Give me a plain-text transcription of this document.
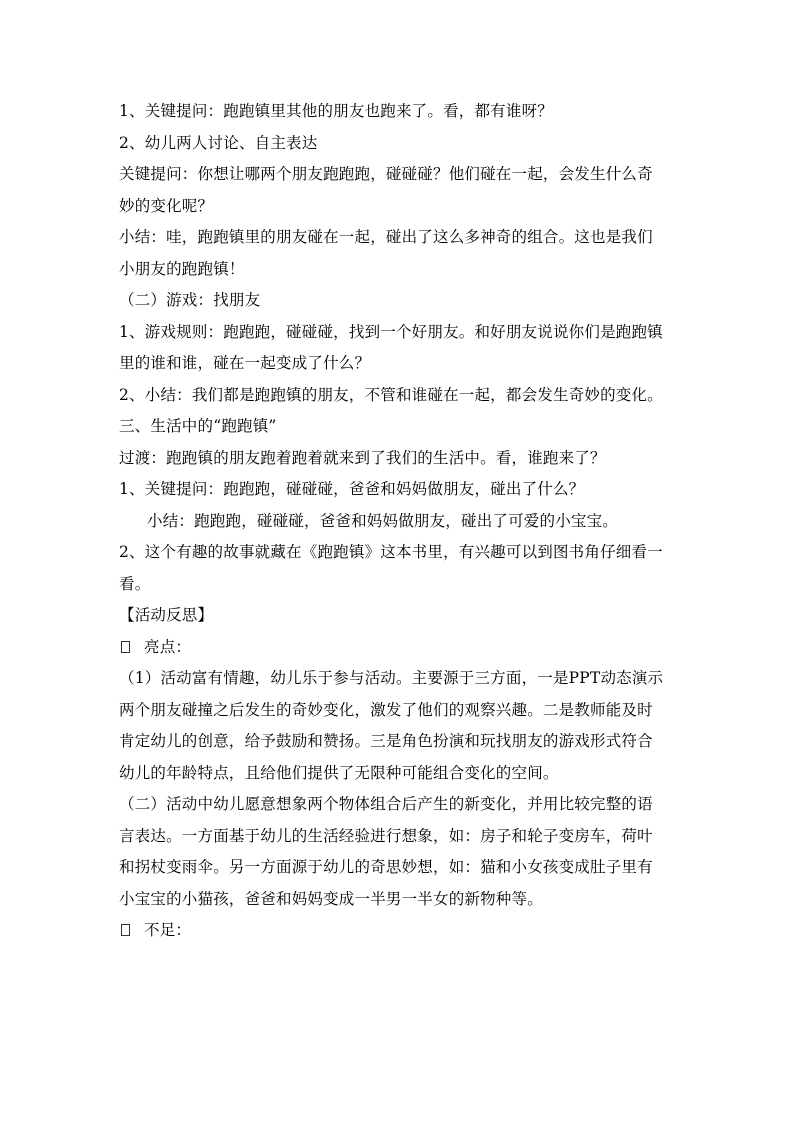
1、关键提问：跑跑镇里其他的朋友也跑来了。看，都有谁呀？
2、幼儿两人讨论、自主表达
关键提问：你想让哪两个朋友跑跑跑，碰碰碰？他们碰在一起，会发生什么奇
妙的变化呢？
小结：哇，跑跑镇里的朋友碰在一起，碰出了这么多神奇的组合。这也是我们
小朋友的跑跑镇！
（二）游戏：找朋友
1、游戏规则：跑跑跑，碰碰碰，找到一个好朋友。和好朋友说说你们是跑跑镇
里的谁和谁，碰在一起变成了什么？
2、小结：我们都是跑跑镇的朋友，不管和谁碰在一起，都会发生奇妙的变化。
三、生活中的“跑跑镇”
过渡：跑跑镇的朋友跑着跑着就来到了我们的生活中。看，谁跑来了？
1、关键提问：跑跑跑，碰碰碰，爸爸和妈妈做朋友，碰出了什么？
小结：跑跑跑，碰碰碰，爸爸和妈妈做朋友，碰出了可爱的小宝宝。
2、这个有趣的故事就藏在《跑跑镇》这本书里，有兴趣可以到图书角仔细看一
看。
【活动反思】
亮点：
（1）活动富有情趣，幼儿乐于参与活动。主要源于三方面，一是PPT动态演示
两个朋友碰撞之后发生的奇妙变化，激发了他们的观察兴趣。二是教师能及时
肯定幼儿的创意，给予鼓励和赞扬。三是角色扮演和玩找朋友的游戏形式符合
幼儿的年龄特点，且给他们提供了无限种可能组合变化的空间。
（二）活动中幼儿愿意想象两个物体组合后产生的新变化，并用比较完整的语
言表达。一方面基于幼儿的生活经验进行想象，如：房子和轮子变房车，荷叶
和拐杖变雨伞。另一方面源于幼儿的奇思妙想，如：猫和小女孩变成肚子里有
小宝宝的小猫孩，爸爸和妈妈变成一半男一半女的新物种等。
不足：
